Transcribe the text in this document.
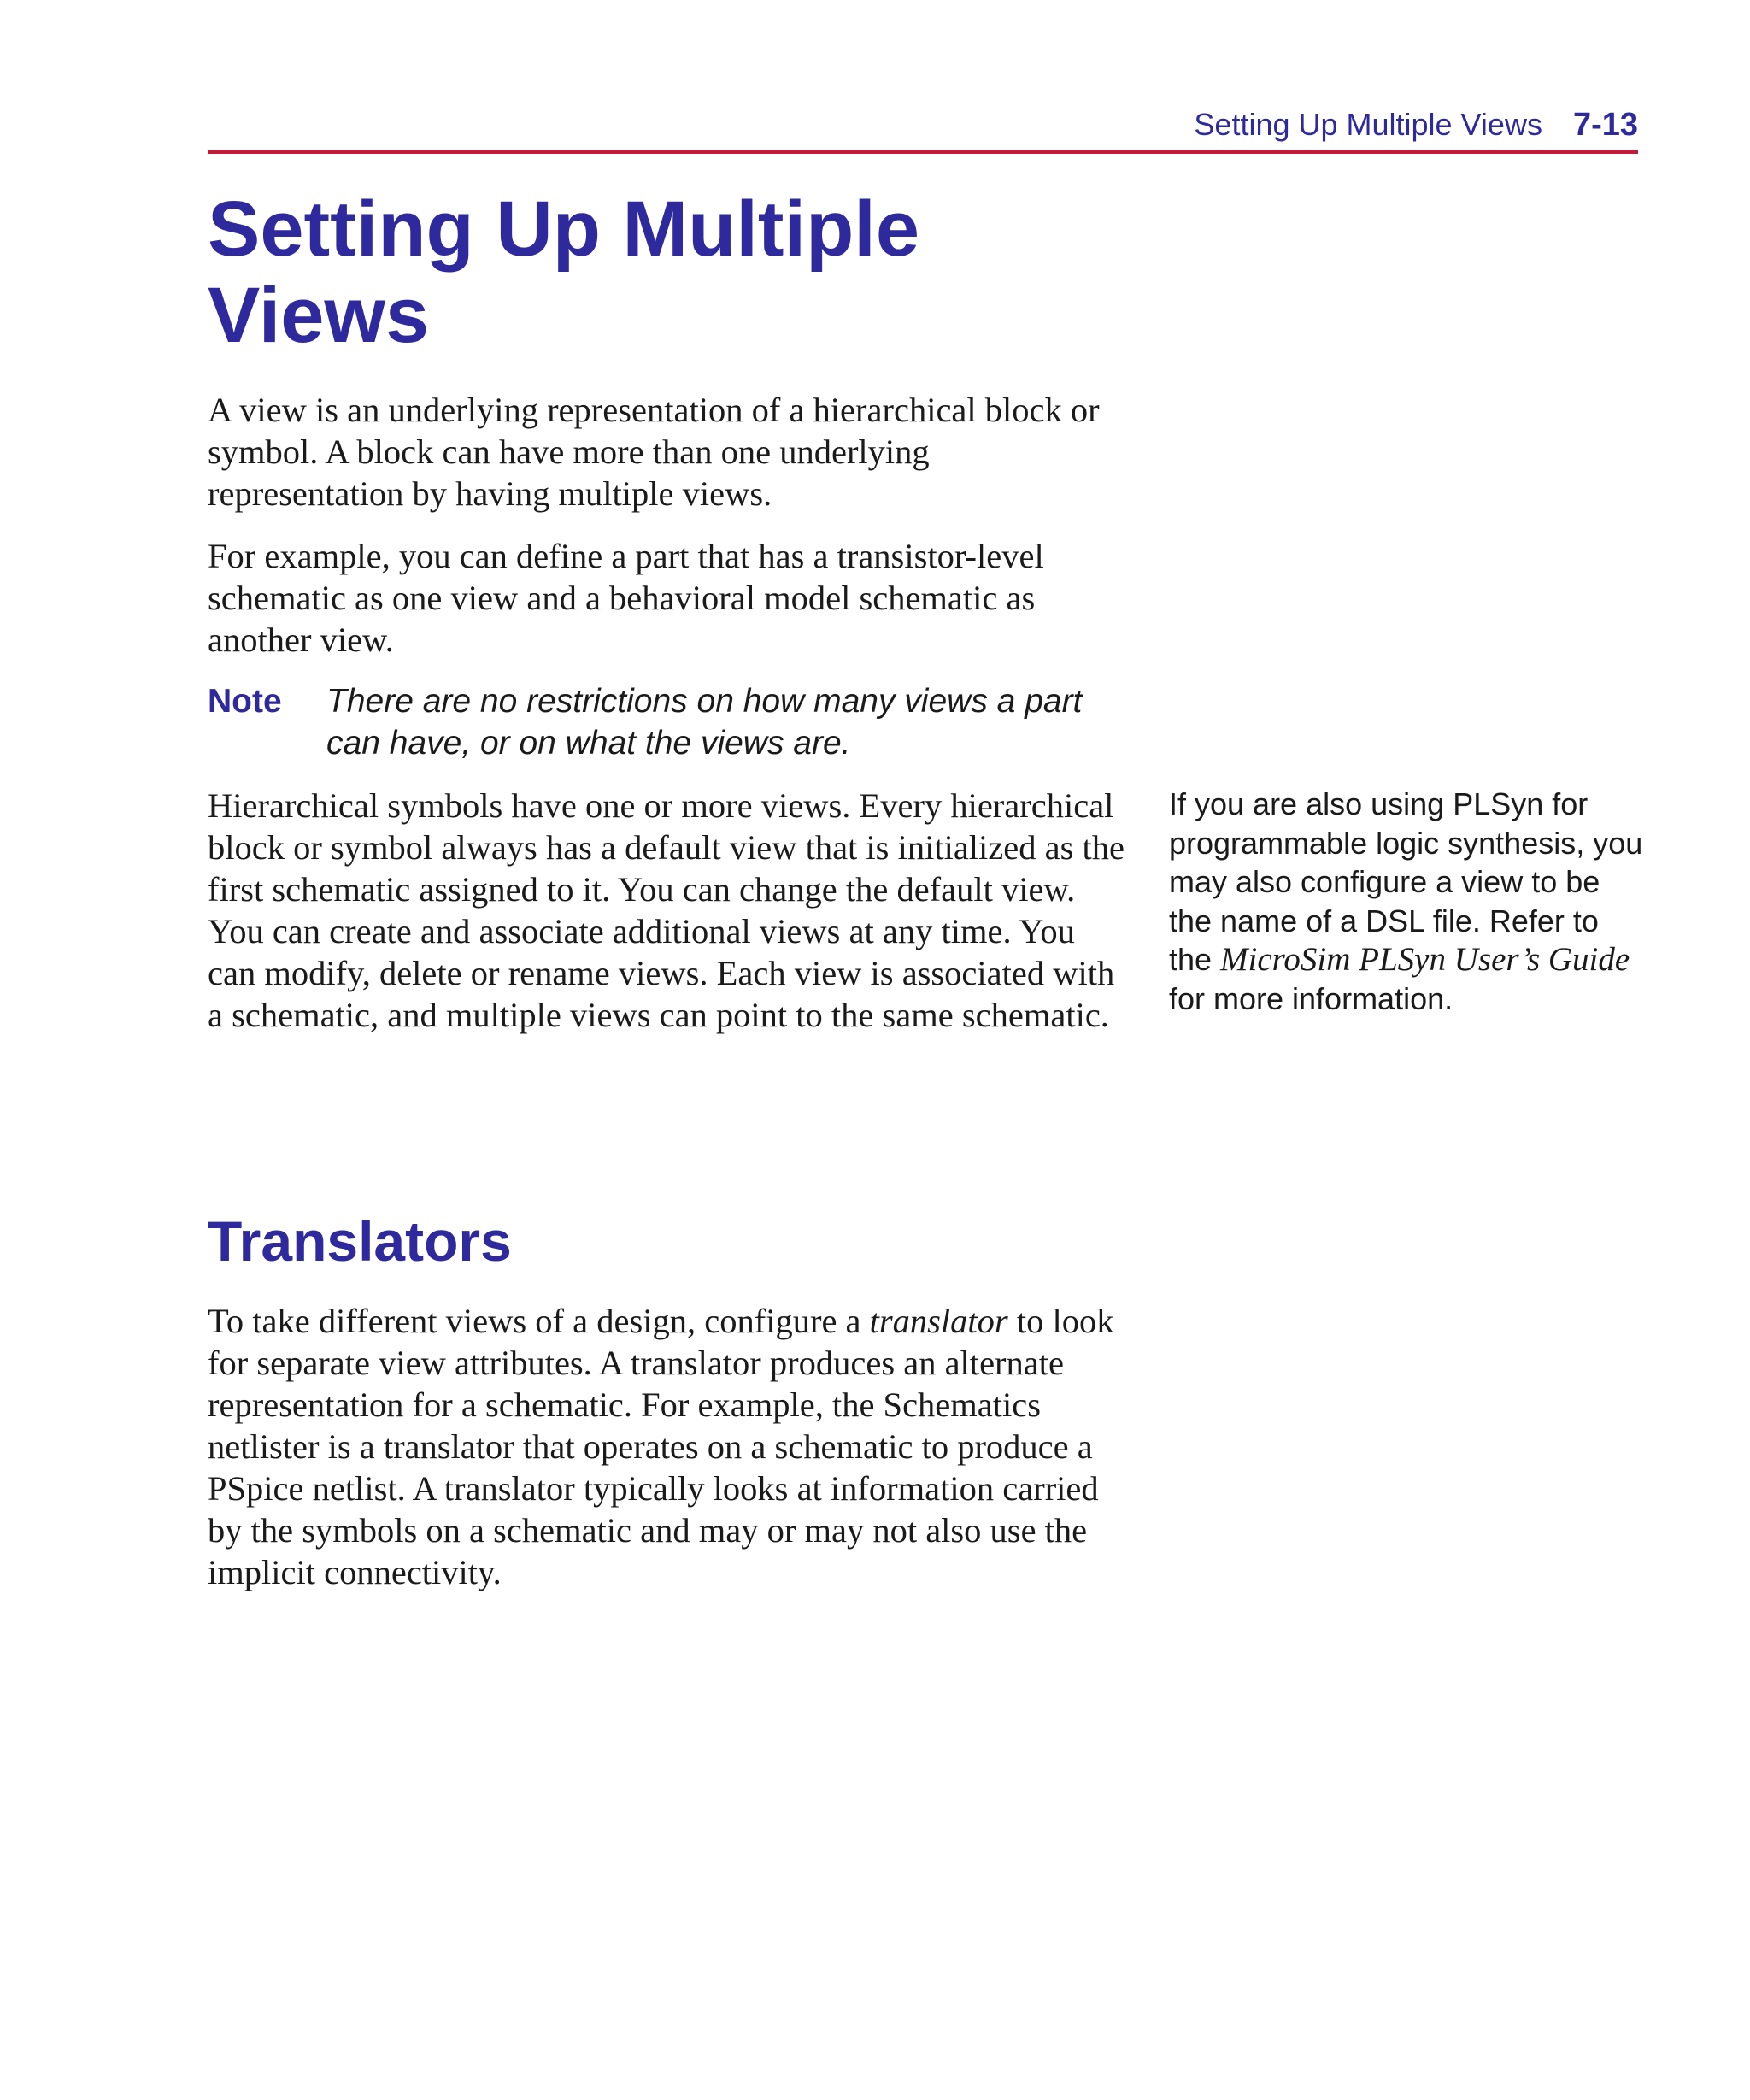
Setting Up Multiple Views 7-13
Setting Up Multiple Views

A view is an underlying representation of a hierarchical block or symbol. A block can have more than one underlying representation by having multiple views.

For example, you can define a part that has a transistor-level schematic as one view and a behavioral model schematic as another view.

Note There are no restrictions on how many views a part can have, or on what the views are.

Hierarchical symbols have one or more views. Every hierarchical block or symbol always has a default view that is initialized as the first schematic assigned to it. You can change the default view. You can create and associate additional views at any time. You can modify, delete or rename views. Each view is associated with a schematic, and multiple views can point to the same schematic.

If you are also using PLSyn for programmable logic synthesis, you may also configure a view to be the name of a DSL file. Refer to the MicroSim PLSyn User’s Guide for more information.

Translators

To take different views of a design, configure a translator to look for separate view attributes. A translator produces an alternate representation for a schematic. For example, the Schematics netlister is a translator that operates on a schematic to produce a PSpice netlist. A translator typically looks at information carried by the symbols on a schematic and may or may not also use the implicit connectivity.
